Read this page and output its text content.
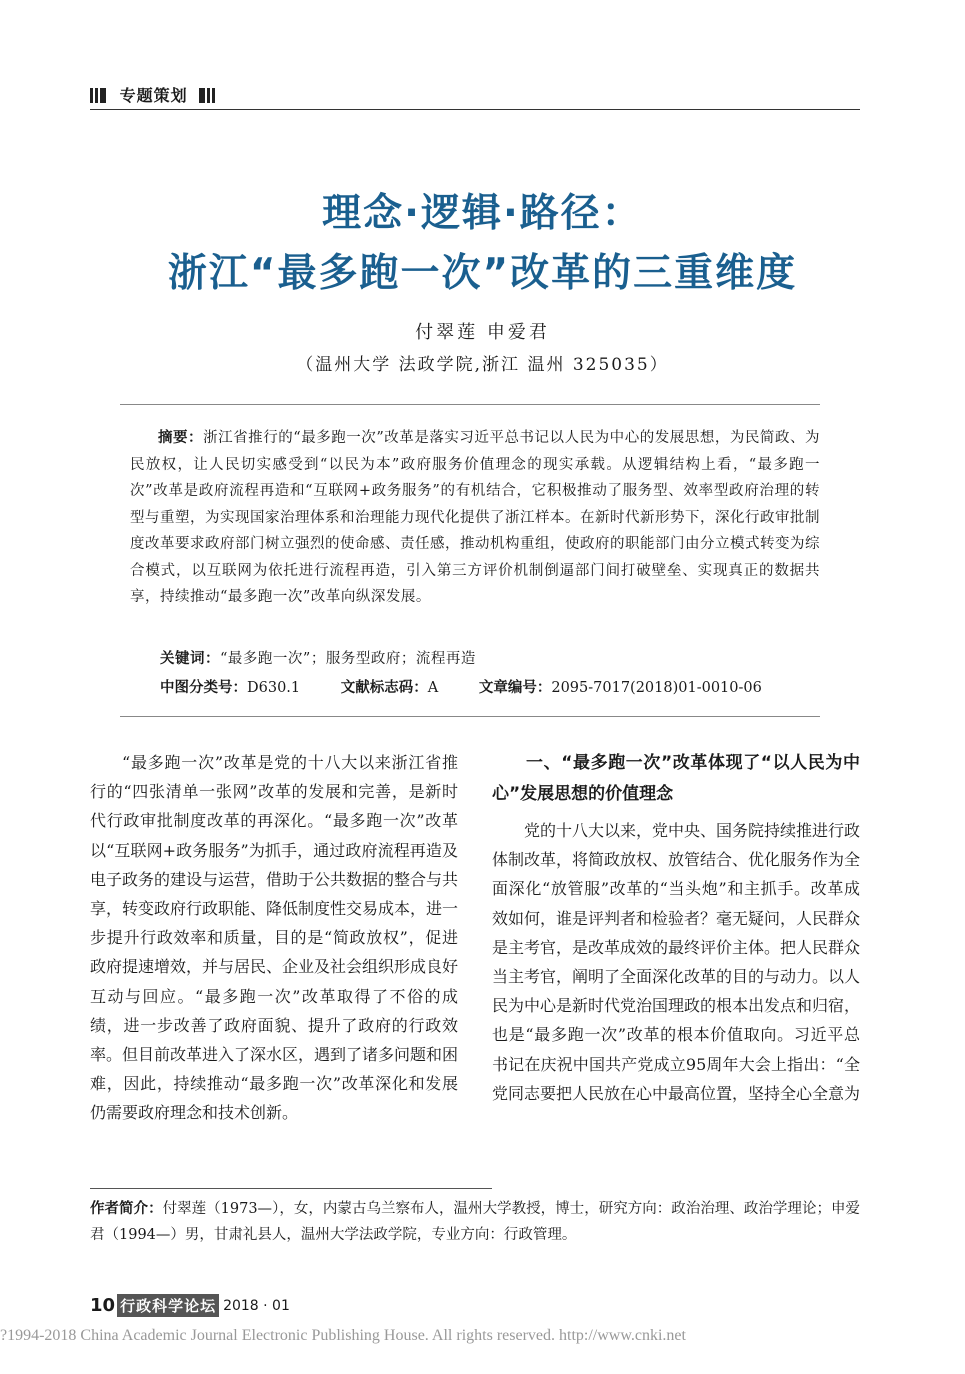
专题策划
理念·逻辑·路径：
浙江“最多跑一次”改革的三重维度
付翠莲 申爱君
（温州大学 法政学院,浙江 温州 325035）
摘要：浙江省推行的“最多跑一次”改革是落实习近平总书记以人民为中心的发展思想，为民简政、为民放权，让人民切实感受到“以民为本”政府服务价值理念的现实承载。从逻辑结构上看，“最多跑一次”改革是政府流程再造和“互联网+政务服务”的有机结合，它积极推动了服务型、效率型政府治理的转型与重塑，为实现国家治理体系和治理能力现代化提供了浙江样本。在新时代新形势下，深化行政审批制度改革要求政府部门树立强烈的使命感、责任感，推动机构重组，使政府的职能部门由分立模式转变为综合模式，以互联网为依托进行流程再造，引入第三方评价机制倒逼部门间打破壁垒、实现真正的数据共享，持续推动“最多跑一次”改革向纵深发展。
关键词：“最多跑一次”；服务型政府；流程再造
中图分类号：D630.1	文献标志码：A	文章编号：2095-7017(2018)01-0010-06

“最多跑一次”改革是党的十八大以来浙江省推行的“四张清单一张网”改革的发展和完善，是新时代行政审批制度改革的再深化。“最多跑一次”改革以“互联网+政务服务”为抓手，通过政府流程再造及电子政务的建设与运营，借助于公共数据的整合与共享，转变政府行政职能、降低制度性交易成本，进一步提升行政效率和质量，目的是“简政放权”，促进政府提速增效，并与居民、企业及社会组织形成良好互动与回应。“最多跑一次”改革取得了不俗的成绩，进一步改善了政府面貌、提升了政府的行政效率。但目前改革进入了深水区，遇到了诸多问题和困难，因此，持续推动“最多跑一次”改革深化和发展仍需要政府理念和技术创新。

一、“最多跑一次”改革体现了“以人民为中心”发展思想的价值理念

党的十八大以来，党中央、国务院持续推进行政体制改革，将简政放权、放管结合、优化服务作为全面深化“放管服”改革的“当头炮”和主抓手。改革成效如何，谁是评判者和检验者？毫无疑问，人民群众是主考官，是改革成效的最终评价主体。把人民群众当主考官，阐明了全面深化改革的目的与动力。以人民为中心是新时代党治国理政的根本出发点和归宿，也是“最多跑一次”改革的根本价值取向。习近平总书记在庆祝中国共产党成立95周年大会上指出：“全党同志要把人民放在心中最高位置，坚持全心全意为

作者简介：付翠莲（1973—），女，内蒙古乌兰察布人，温州大学教授，博士，研究方向：政治治理、政治学理论；申爱君（1994—）男，甘肃礼县人，温州大学法政学院，专业方向：行政管理。
10 行政科学论坛 2018 · 01
?1994-2018 China Academic Journal Electronic Publishing House. All rights reserved. http://www.cnki.net
